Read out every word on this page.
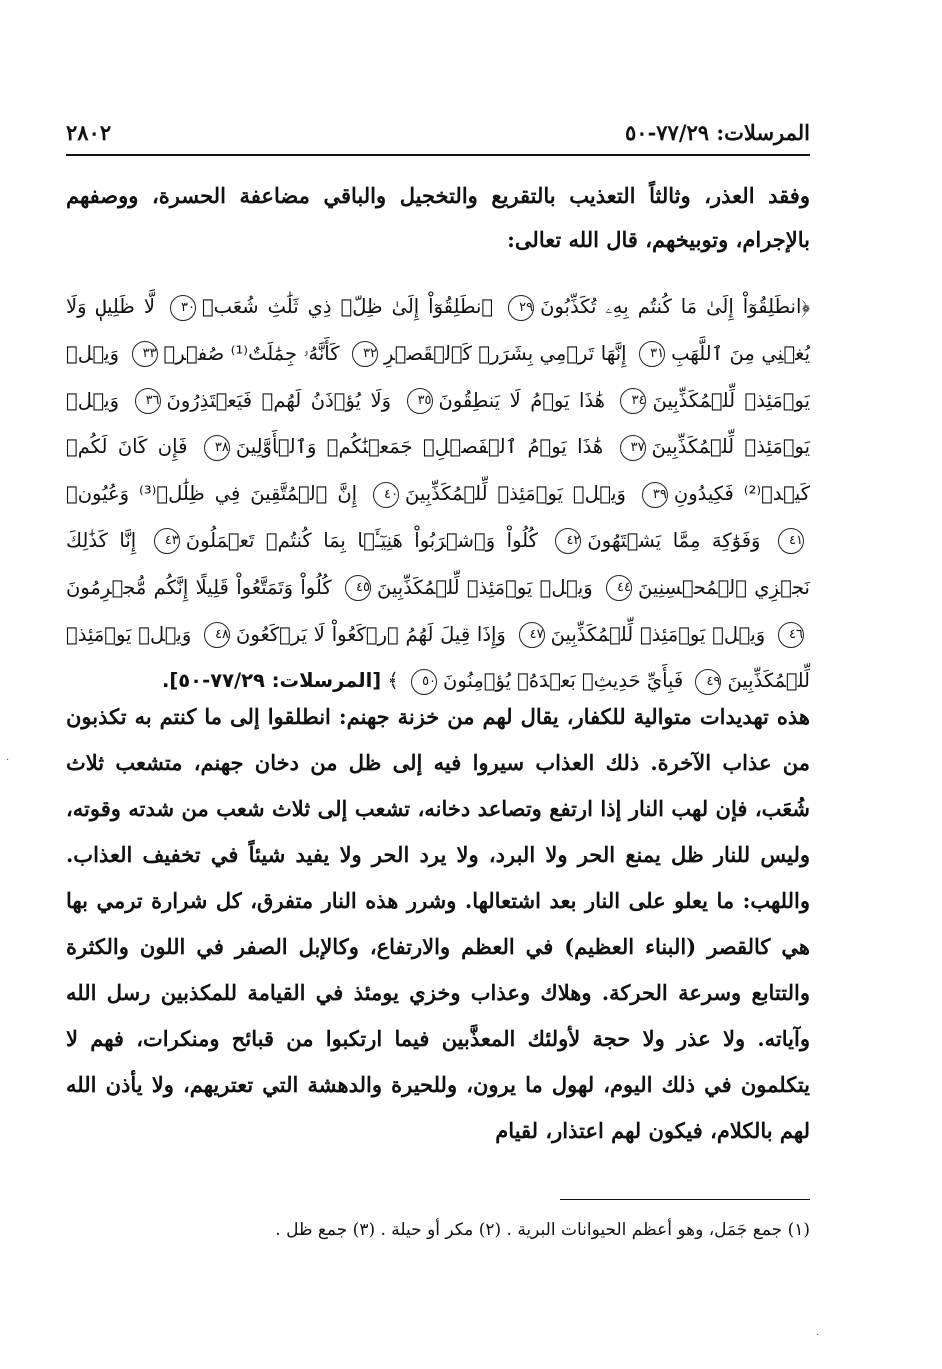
المرسلات: ٧٧/٢٩-٥٠
٢٨٠٢
وفقد العذر، وثالثاً التعذيب بالتقريع والتخجيل والباقي مضاعفة الحسرة، ووصفهم بالإجرام، وتوبيخهم، قال الله تعالى:
﴿انطَلِقُوٓاْ إِلَىٰ مَا كُنتُم بِهِۦ تُكَذِّبُونَ٢٩ ٱنطَلِقُوٓاْ إِلَىٰ ظِلّٖ ذِي ثَلَٰثِ شُعَبٖ٣٠ لَّا ظَلِيلٖ وَلَا يُغۡنِي مِنَ ٱللَّهَبِ٣١ إِنَّهَا تَرۡمِي بِشَرَرٖ كَٱلۡقَصۡرِ٣٢ كَأَنَّهُۥ جِمَٰلَتٌ⁽¹⁾ صُفۡرٞ٣٣ وَيۡلٞ يَوۡمَئِذٖ لِّلۡمُكَذِّبِينَ٣٤ هَٰذَا يَوۡمُ لَا يَنطِقُونَ٣٥ وَلَا يُؤۡذَنُ لَهُمۡ فَيَعۡتَذِرُونَ٣٦ وَيۡلٞ يَوۡمَئِذٖ لِّلۡمُكَذِّبِينَ٣٧ هَٰذَا يَوۡمُ ٱلۡفَصۡلِۖ جَمَعۡنَٰكُمۡ وَٱلۡأَوَّلِينَ٣٨ فَإِن كَانَ لَكُمۡ كَيۡدٞ⁽²⁾ فَكِيدُونِ٣٩ وَيۡلٞ يَوۡمَئِذٖ لِّلۡمُكَذِّبِينَ٤٠ إِنَّ ٱلۡمُتَّقِينَ فِي ظِلَٰلٖ⁽³⁾ وَعُيُونٖ٤١ وَفَوَٰكِهَ مِمَّا يَشۡتَهُونَ٤٢ كُلُواْ وَٱشۡرَبُواْ هَنِيٓـَٔۢا بِمَا كُنتُمۡ تَعۡمَلُونَ٤٣ إِنَّا كَذَٰلِكَ نَجۡزِي ٱلۡمُحۡسِنِينَ٤٤ وَيۡلٞ يَوۡمَئِذٖ لِّلۡمُكَذِّبِينَ٤٥ كُلُواْ وَتَمَتَّعُواْ قَلِيلًا إِنَّكُم مُّجۡرِمُونَ٤٦ وَيۡلٞ يَوۡمَئِذٖ لِّلۡمُكَذِّبِينَ٤٧ وَإِذَا قِيلَ لَهُمُ ٱرۡكَعُواْ لَا يَرۡكَعُونَ٤٨ وَيۡلٞ يَوۡمَئِذٖ لِّلۡمُكَذِّبِينَ٤٩ فَبِأَيِّ حَدِيثِۭ بَعۡدَهُۥ يُؤۡمِنُونَ٥٠ ﴾ [المرسلات: ٧٧/٢٩-٥٠].
هذه تهديدات متوالية للكفار، يقال لهم من خزنة جهنم: انطلقوا إلى ما كنتم به تكذبون من عذاب الآخرة. ذلك العذاب سيروا فيه إلى ظل من دخان جهنم، متشعب ثلاث شُعَب، فإن لهب النار إذا ارتفع وتصاعد دخانه، تشعب إلى ثلاث شعب من شدته وقوته، وليس للنار ظل يمنع الحر ولا البرد، ولا يرد الحر ولا يفيد شيئاً في تخفيف العذاب. واللهب: ما يعلو على النار بعد اشتعالها. وشرر هذه النار متفرق، كل شرارة ترمي بها هي كالقصر (البناء العظيم) في العظم والارتفاع، وكالإبل الصفر في اللون والكثرة والتتابع وسرعة الحركة. وهلاك وعذاب وخزي يومئذ في القيامة للمكذبين رسل الله وآياته. ولا عذر ولا حجة لأولئك المعذَّبين فيما ارتكبوا من قبائح ومنكرات، فهم لا يتكلمون في ذلك اليوم، لهول ما يرون، وللحيرة والدهشة التي تعتريهم، ولا يأذن الله لهم بالكلام، فيكون لهم اعتذار، لقيام
(١) جمع جَمَل، وهو أعظم الحيوانات البرية . (٢) مكر أو حيلة . (٣) جمع ظل .
·
·
